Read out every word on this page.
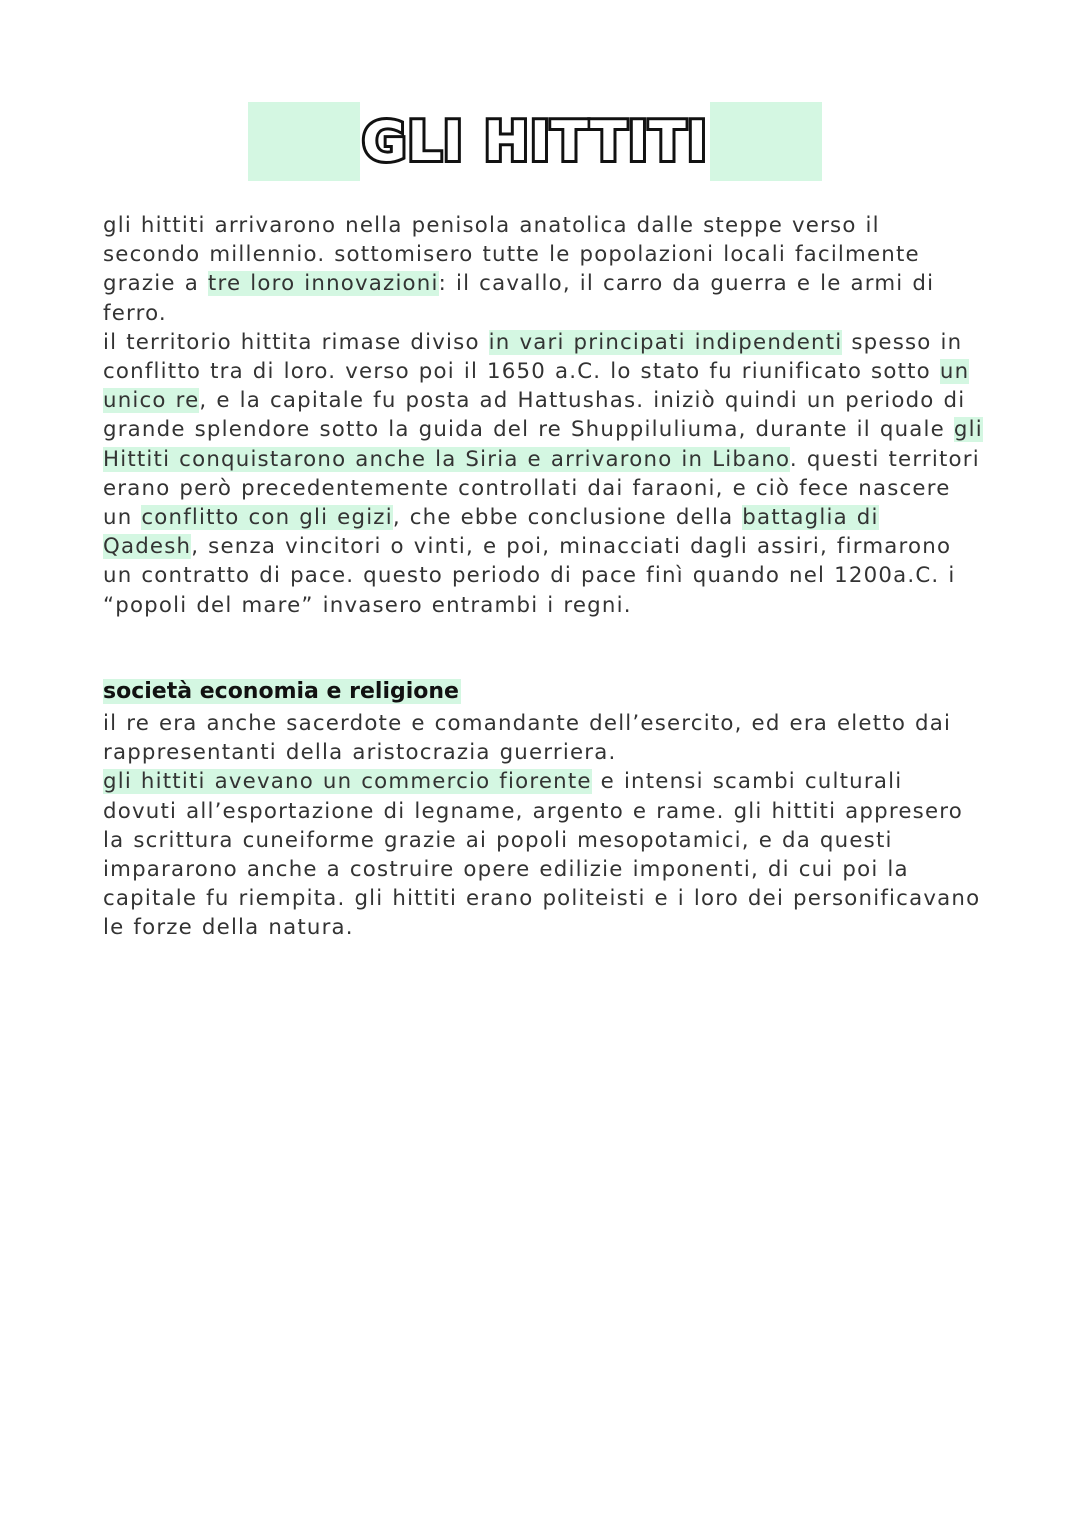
GLI HITTITI

gli hittiti arrivarono nella penisola anatolica dalle steppe verso il secondo millennio. sottomisero tutte le popolazioni locali facilmente grazie a tre loro innovazioni: il cavallo, il carro da guerra e le armi di ferro.
il territorio hittita rimase diviso in vari principati indipendenti spesso in conflitto tra di loro. verso poi il 1650 a.C. lo stato fu riunificato sotto un unico re, e la capitale fu posta ad Hattushas. iniziò quindi un periodo di grande splendore sotto la guida del re Shuppiluliuma, durante il quale gli Hittiti conquistarono anche la Siria e arrivarono in Libano. questi territori erano però precedentemente controllati dai faraoni, e ciò fece nascere un conflitto con gli egizi, che ebbe conclusione della battaglia di Qadesh, senza vincitori o vinti, e poi, minacciati dagli assiri, firmarono un contratto di pace. questo periodo di pace finì quando nel 1200a.C. i “popoli del mare” invasero entrambi i regni.

società economia e religione

il re era anche sacerdote e comandante dell’esercito, ed era eletto dai rappresentanti della aristocrazia guerriera.
gli hittiti avevano un commercio fiorente e intensi scambi culturali dovuti all’esportazione di legname, argento e rame. gli hittiti appresero la scrittura cuneiforme grazie ai popoli mesopotamici, e da questi impararono anche a costruire opere edilizie imponenti, di cui poi la capitale fu riempita. gli hittiti erano politeisti e i loro dei personificavano le forze della natura.
